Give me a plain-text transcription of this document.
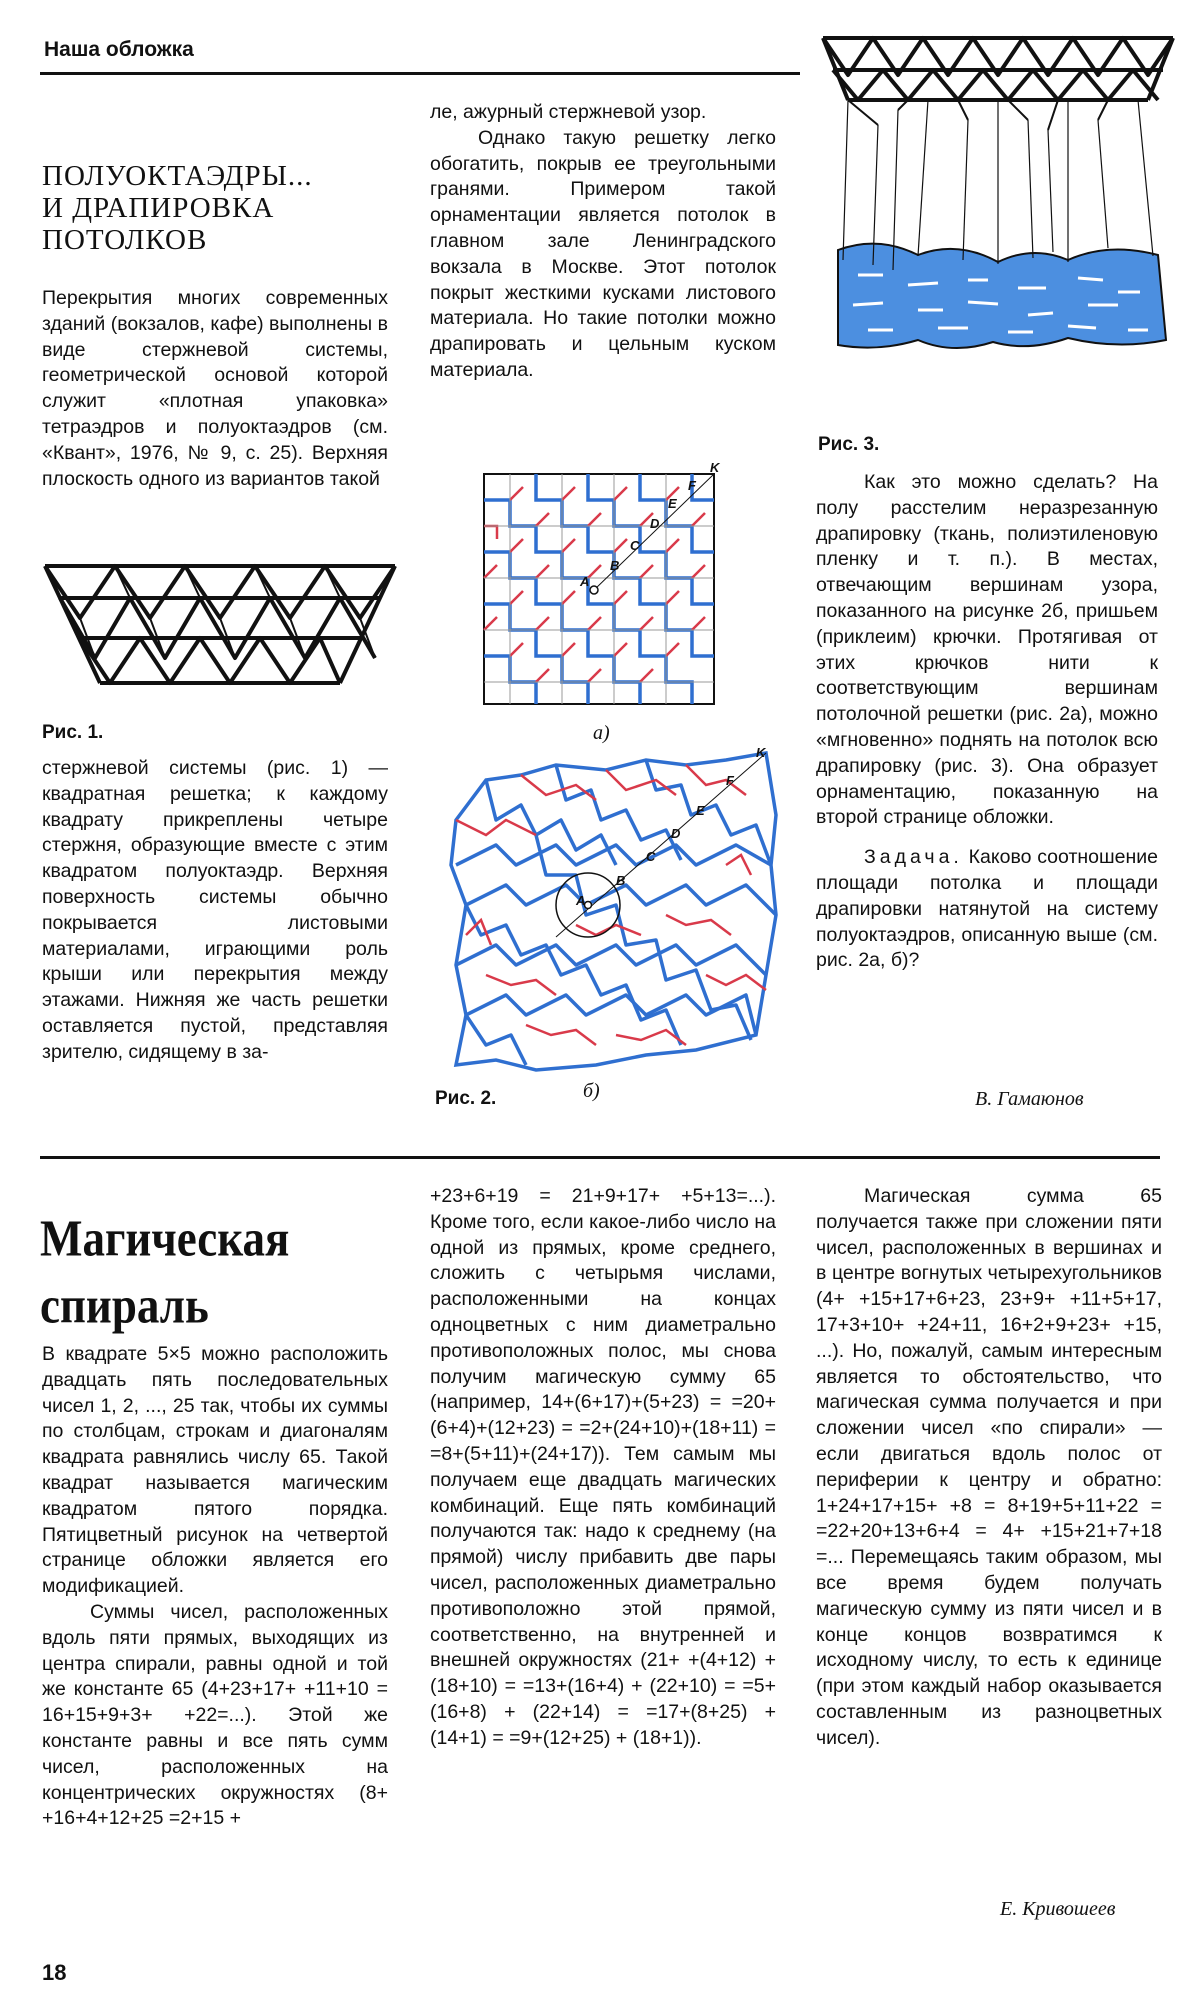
Наша обложка
ПОЛУОКТАЭДРЫ...
И ДРАПИРОВКА
ПОТОЛКОВ

Перекрытия многих современных зданий (вокзалов, кафе) выполнены в виде стержневой системы, геометрической основой которой служит «плотная упаковка» тетраэдров и полуоктаэдров (см. «Квант», 1976, № 9, с. 25). Верхняя плоскость одного из вариантов такой

Рис. 1.

стержневой системы (рис. 1) — квадратная решетка; к каждому квадрату прикреплены четыре стержня, образующие вместе с этим квадратом полуоктаэдр. Верхняя поверхность системы обычно покрывается листовыми материалами, играющими роль крыши или перекрытия между этажами. Нижняя же часть решетки оставляется пустой, представляя зрителю, сидящему в за-

ле, ажурный стержневой узор.

Однако такую решетку легко обогатить, покрыв ее треугольными гранями. Примером такой орнаментации является потолок в главном зале Ленинградского вокзала в Москве. Этот потолок покрыт жесткими кусками листового материала. Но такие потолки можно драпировать и цельным куском материала.

A
B
C
D
E
F
K
а)
A
B
C
D
E
F
K
Рис. 2.	б)
Рис. 3.

Как это можно сделать? На полу расстелим неразрезанную драпировку (ткань, полиэтиленовую пленку и т. п.). В местах, отвечающим вершинам узора, показанного на рисунке 2б, пришьем (приклеим) крючки. Протягивая от этих крючков нити к соответствующим вершинам потолочной решетки (рис. 2а), можно «мгновенно» поднять на потолок всю драпировку (рис. 3). Она образует орнаментацию, показанную на второй странице обложки.

Задача. Каково соотношение площади потолка и площади драпировки натянутой на систему полуоктаэдров, описанную выше (см. рис. 2а, б)?

В. Гамаюнов
Магическая
спираль

В квадрате 5×5 можно расположить двадцать пять последовательных чисел 1, 2, ..., 25 так, чтобы их суммы по столбцам, строкам и диагоналям квадрата равнялись числу 65. Такой квадрат называется магическим квадратом пятого порядка. Пятицветный рисунок на четвертой странице обложки является его модификацией.

Суммы чисел, расположенных вдоль пяти прямых, выходящих из центра спирали, равны одной и той же константе 65 (4+23+17+ +11+10 = 16+15+9+3+ +22=...). Этой же константе равны и все пять сумм чисел, расположенных на концентрических окружностях (8+ +16+4+12+25 =2+15 +

+23+6+19 = 21+9+17+ +5+13=...). Кроме того, если какое-либо число на одной из прямых, кроме среднего, сложить с четырьмя числами, расположенными на концах одноцветных с ним диаметрально противоположных полос, мы снова получим магическую сумму 65 (например, 14+(6+17)+(5+23) = =20+(6+4)+(12+23) = =2+(24+10)+(18+11) = =8+(5+11)+(24+17)). Тем самым мы получаем еще двадцать магических комбинаций. Еще пять комбинаций получаются так: надо к среднему (на прямой) числу прибавить две пары чисел, расположенных диаметрально противоположно этой прямой, соответственно, на внутренней и внешней окружностях (21+ +(4+12) + (18+10) = =13+(16+4) + (22+10) = =5+(16+8) + (22+14) = =17+(8+25) + (14+1) = =9+(12+25) + (18+1)).

Магическая сумма 65 получается также при сложении пяти чисел, расположенных в вершинах и в центре вогнутых четырехугольников (4+ +15+17+6+23, 23+9+ +11+5+17, 17+3+10+ +24+11, 16+2+9+23+ +15, ...). Но, пожалуй, самым интересным является то обстоятельство, что магическая сумма получается и при сложении чисел «по спирали» — если двигаться вдоль полос от периферии к центру и обратно: 1+24+17+15+ +8 = 8+19+5+11+22 = =22+20+13+6+4 = 4+ +15+21+7+18 =... Перемещаясь таким образом, мы все время будем получать магическую сумму из пяти чисел и в конце концов возвратимся к исходному числу, то есть к единице (при этом каждый набор оказывается составленным из разноцветных чисел).

Е. Кривошеев
18
